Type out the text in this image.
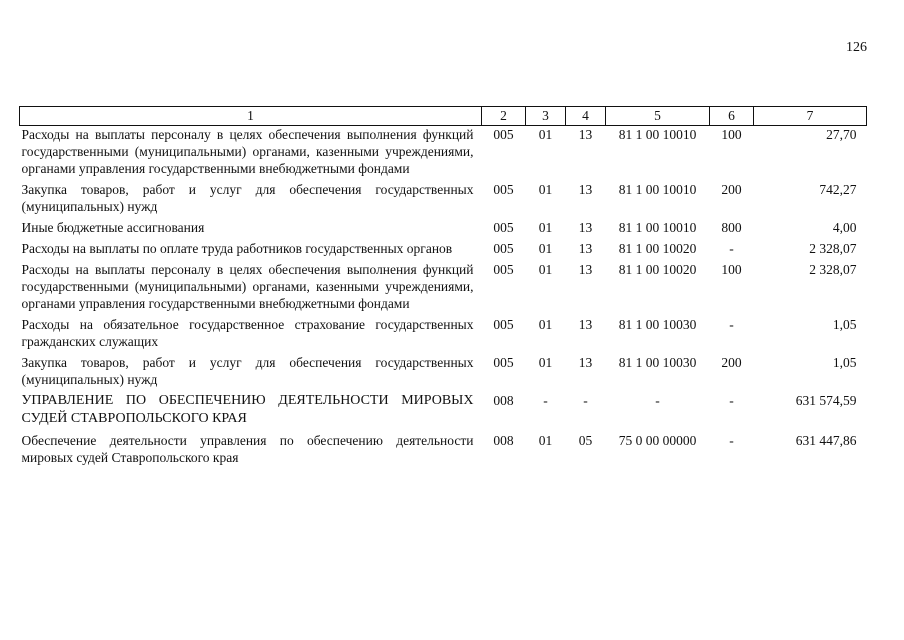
126
1	2	3	4	5	6	7
Расходы на выплаты персоналу в целях обеспечения выполнения функций государственными (муниципальными) органами, казенными учреждениями, органами управления государственными внебюджетными фондами	005	01	13	81 1 00 10010	100	27,70
Закупка товаров, работ и услуг для обеспечения государственных (муниципальных) нужд	005	01	13	81 1 00 10010	200	742,27
Иные бюджетные ассигнования	005	01	13	81 1 00 10010	800	4,00
Расходы на выплаты по оплате труда работников государственных органов	005	01	13	81 1 00 10020	-	2 328,07
Расходы на выплаты персоналу в целях обеспечения выполнения функций государственными (муниципальными) органами, казенными учреждениями, органами управления государственными внебюджетными фондами	005	01	13	81 1 00 10020	100	2 328,07
Расходы на обязательное государственное страхование государственных гражданских служащих	005	01	13	81 1 00 10030	-	1,05
Закупка товаров, работ и услуг для обеспечения государственных (муниципальных) нужд	005	01	13	81 1 00 10030	200	1,05
УПРАВЛЕНИЕ ПО ОБЕСПЕЧЕНИЮ ДЕЯТЕЛЬНОСТИ МИРОВЫХ СУДЕЙ СТАВРОПОЛЬСКОГО КРАЯ	008	-	-	-	-	631 574,59
Обеспечение деятельности управления по обеспечению деятельности мировых судей Ставропольского края	008	01	05	75 0 00 00000	-	631 447,86
